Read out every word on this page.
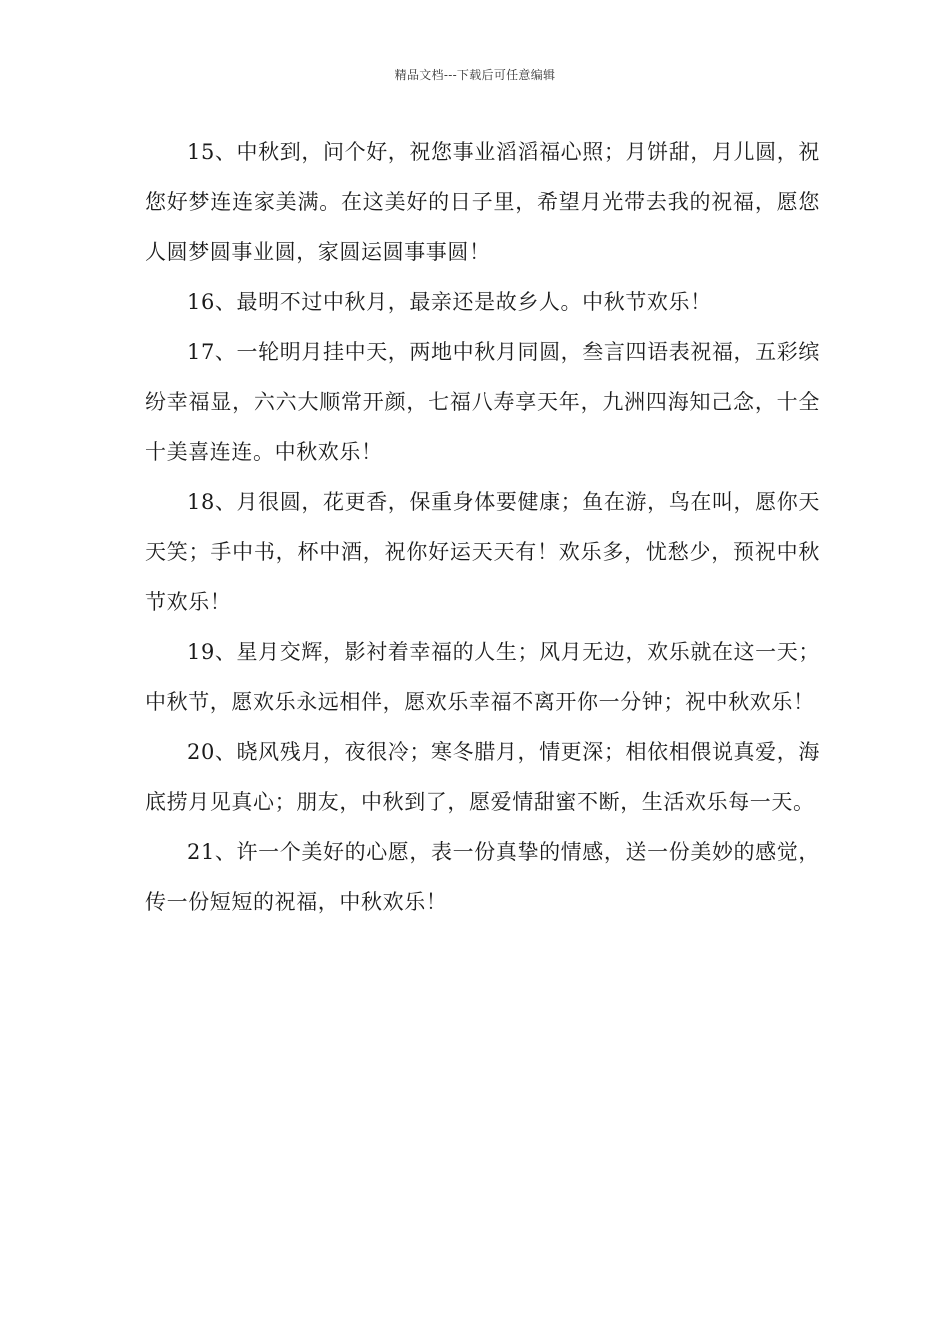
精品文档---下载后可任意编辑

15、中秋到，问个好，祝您事业滔滔福心照；月饼甜，月儿圆，祝您好梦连连家美满。在这美好的日子里，希望月光带去我的祝福，愿您人圆梦圆事业圆，家圆运圆事事圆！

16、最明不过中秋月，最亲还是故乡人。中秋节欢乐！

17、一轮明月挂中天，两地中秋月同圆，叁言四语表祝福，五彩缤纷幸福显，六六大顺常开颜，七福八寿享天年，九洲四海知己念，十全十美喜连连。中秋欢乐！

18、月很圆，花更香，保重身体要健康；鱼在游，鸟在叫，愿你天天笑；手中书，杯中酒，祝你好运天天有！欢乐多，忧愁少，预祝中秋节欢乐！

19、星月交辉，影衬着幸福的人生；风月无边，欢乐就在这一天；中秋节，愿欢乐永远相伴，愿欢乐幸福不离开你一分钟；祝中秋欢乐！

20、晓风残月，夜很冷；寒冬腊月，情更深；相依相偎说真爱，海底捞月见真心；朋友，中秋到了，愿爱情甜蜜不断，生活欢乐每一天。

21、许一个美好的心愿，表一份真挚的情感，送一份美妙的感觉，传一份短短的祝福，中秋欢乐！
